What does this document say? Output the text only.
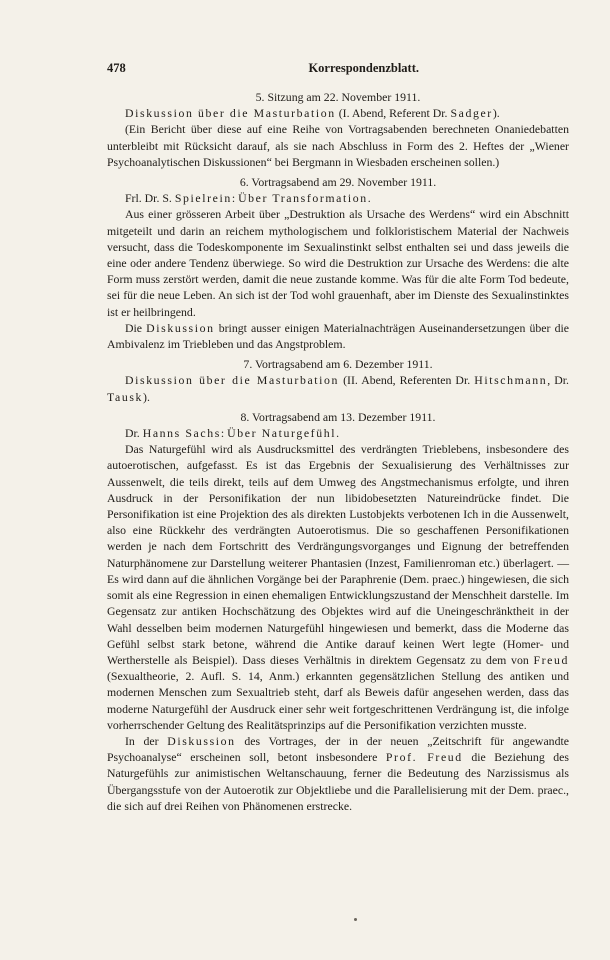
478	Korrespondenzblatt.

5. Sitzung am 22. November 1911.

Diskussion über die Masturbation (I. Abend, Referent Dr. Sadger).

(Ein Bericht über diese auf eine Reihe von Vortragsabenden berechneten Onaniedebatten unterbleibt mit Rücksicht darauf, als sie nach Abschluss in Form des 2. Heftes der „Wiener Psychoanalytischen Diskussionen“ bei Bergmann in Wiesbaden erscheinen sollen.)

6. Vortragsabend am 29. November 1911.

Frl. Dr. S. Spielrein: Über Transformation.

Aus einer grösseren Arbeit über „Destruktion als Ursache des Werdens“ wird ein Abschnitt mitgeteilt und darin an reichem mythologischem und folkloristischem Material der Nachweis versucht, dass die Todeskomponente im Sexualinstinkt selbst enthalten sei und dass jeweils die eine oder andere Tendenz überwiege. So wird die Destruktion zur Ursache des Werdens: die alte Form muss zerstört werden, damit die neue zustande komme. Was für die alte Form Tod bedeute, sei für die neue Leben. An sich ist der Tod wohl grauenhaft, aber im Dienste des Sexualinstinktes ist er heilbringend.

Die Diskussion bringt ausser einigen Materialnachträgen Auseinandersetzungen über die Ambivalenz im Triebleben und das Angstproblem.

7. Vortragsabend am 6. Dezember 1911.

Diskussion über die Masturbation (II. Abend, Referenten Dr. Hitschmann, Dr. Tausk).

8. Vortragsabend am 13. Dezember 1911.

Dr. Hanns Sachs: Über Naturgefühl.

Das Naturgefühl wird als Ausdrucksmittel des verdrängten Trieblebens, insbesondere des autoerotischen, aufgefasst. Es ist das Ergebnis der Sexualisierung des Verhältnisses zur Aussenwelt, die teils direkt, teils auf dem Umweg des Angstmechanismus erfolgte, und ihren Ausdruck in der Personifikation der nun libidobesetzten Natureindrücke findet. Die Personifikation ist eine Projektion des als direkten Lustobjekts verbotenen Ich in die Aussenwelt, also eine Rückkehr des verdrängten Autoerotismus. Die so geschaffenen Personifikationen werden je nach dem Fortschritt des Verdrängungsvorganges und Eignung der betreffenden Naturphänomene zur Darstellung weiterer Phantasien (Inzest, Familienroman etc.) überlagert. — Es wird dann auf die ähnlichen Vorgänge bei der Paraphrenie (Dem. praec.) hingewiesen, die sich somit als eine Regression in einen ehemaligen Entwicklungszustand der Menschheit darstelle. Im Gegensatz zur antiken Hochschätzung des Objektes wird auf die Uneingeschränktheit in der Wahl desselben beim modernen Naturgefühl hingewiesen und bemerkt, dass die Moderne das Gefühl selbst stark betone, während die Antike darauf keinen Wert legte (Homer- und Wertherstelle als Beispiel). Dass dieses Verhältnis in direktem Gegensatz zu dem von Freud (Sexualtheorie, 2. Aufl. S. 14, Anm.) erkannten gegensätzlichen Stellung des antiken und modernen Menschen zum Sexualtrieb steht, darf als Beweis dafür angesehen werden, dass das moderne Naturgefühl der Ausdruck einer sehr weit fortgeschrittenen Verdrängung ist, die infolge vorherrschender Geltung des Realitätsprinzips auf die Personifikation verzichten musste.

In der Diskussion des Vortrages, der in der neuen „Zeitschrift für angewandte Psychoanalyse“ erscheinen soll, betont insbesondere Prof. Freud die Beziehung des Naturgefühls zur animistischen Weltanschauung, ferner die Bedeutung des Narzissismus als Übergangsstufe von der Autoerotik zur Objektliebe und die Parallelisierung mit der Dem. praec., die sich auf drei Reihen von Phänomenen erstrecke.
